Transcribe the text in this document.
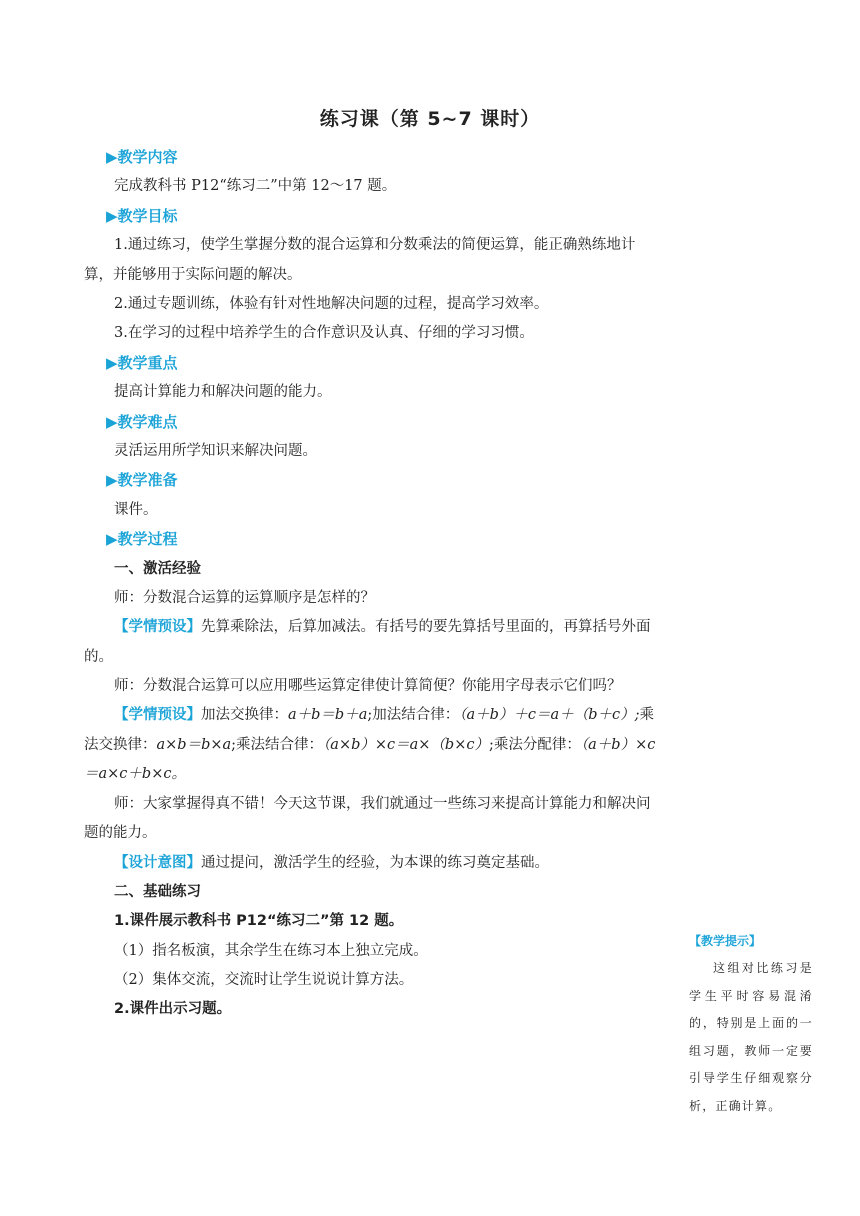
练习课（第 5~7 课时）
▶教学内容
完成教科书 P12“练习二”中第 12～17 题。
▶教学目标
1.通过练习，使学生掌握分数的混合运算和分数乘法的简便运算，能正确熟练地计算，并能够用于实际问题的解决。
2.通过专题训练，体验有针对性地解决问题的过程，提高学习效率。
3.在学习的过程中培养学生的合作意识及认真、仔细的学习习惯。
▶教学重点
提高计算能力和解决问题的能力。
▶教学难点
灵活运用所学知识来解决问题。
▶教学准备
课件。
▶教学过程
一、激活经验
师：分数混合运算的运算顺序是怎样的？
【学情预设】先算乘除法，后算加减法。有括号的要先算括号里面的，再算括号外面的。
师：分数混合运算可以应用哪些运算定律使计算简便？你能用字母表示它们吗？
【学情预设】加法交换律：a＋b＝b＋a;加法结合律：（a＋b）＋c＝a＋（b＋c）;乘法交换律：a×b＝b×a;乘法结合律：（a×b）×c＝a×（b×c）;乘法分配律：（a＋b）×c＝a×c＋b×c。
师：大家掌握得真不错！今天这节课，我们就通过一些练习来提高计算能力和解决问题的能力。
【设计意图】通过提问，激活学生的经验，为本课的练习奠定基础。
二、基础练习
1.课件展示教科书 P12“练习二”第 12 题。
（1）指名板演，其余学生在练习本上独立完成。
（2）集体交流，交流时让学生说说计算方法。
2.课件出示习题。
【教学提示】
这组对比练习是学生平时容易混淆的，特别是上面的一组习题，教师一定要引导学生仔细观察分析，正确计算。
